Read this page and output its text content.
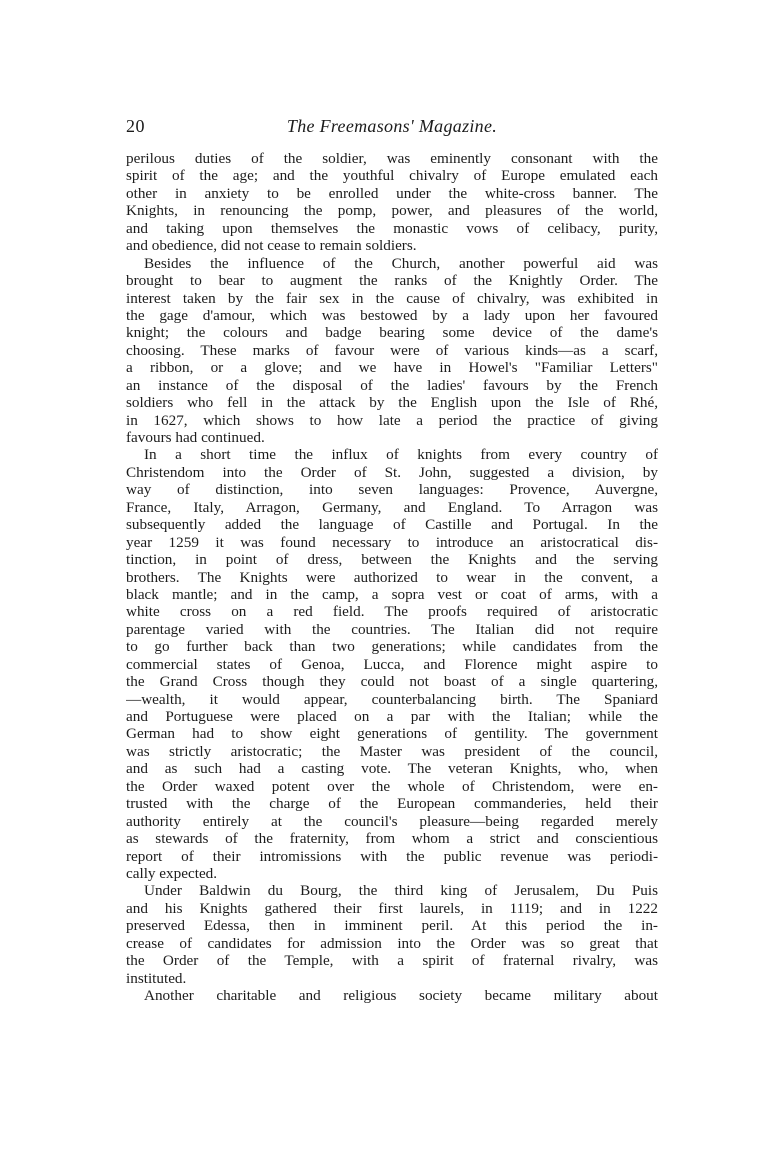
20	The Freemasons' Magazine.
perilous duties of the soldier, was eminently consonant with the
spirit of the age; and the youthful chivalry of Europe emulated each
other in anxiety to be enrolled under the white-cross banner. The
Knights, in renouncing the pomp, power, and pleasures of the world,
and taking upon themselves the monastic vows of celibacy, purity,
and obedience, did not cease to remain soldiers.
Besides the influence of the Church, another powerful aid was
brought to bear to augment the ranks of the Knightly Order. The
interest taken by the fair sex in the cause of chivalry, was exhibited in
the gage d'amour, which was bestowed by a lady upon her favoured
knight; the colours and badge bearing some device of the dame's
choosing. These marks of favour were of various kinds—as a scarf,
a ribbon, or a glove; and we have in Howel's "Familiar Letters"
an instance of the disposal of the ladies' favours by the French
soldiers who fell in the attack by the English upon the Isle of Rhé,
in 1627, which shows to how late a period the practice of giving
favours had continued.
In a short time the influx of knights from every country of
Christendom into the Order of St. John, suggested a division, by
way of distinction, into seven languages: Provence, Auvergne,
France, Italy, Arragon, Germany, and England. To Arragon was
subsequently added the language of Castille and Portugal. In the
year 1259 it was found necessary to introduce an aristocratical dis-
tinction, in point of dress, between the Knights and the serving
brothers. The Knights were authorized to wear in the convent, a
black mantle; and in the camp, a sopra vest or coat of arms, with a
white cross on a red field. The proofs required of aristocratic
parentage varied with the countries. The Italian did not require
to go further back than two generations; while candidates from the
commercial states of Genoa, Lucca, and Florence might aspire to
the Grand Cross though they could not boast of a single quartering,
—wealth, it would appear, counterbalancing birth. The Spaniard
and Portuguese were placed on a par with the Italian; while the
German had to show eight generations of gentility. The government
was strictly aristocratic; the Master was president of the council,
and as such had a casting vote. The veteran Knights, who, when
the Order waxed potent over the whole of Christendom, were en-
trusted with the charge of the European commanderies, held their
authority entirely at the council's pleasure—being regarded merely
as stewards of the fraternity, from whom a strict and conscientious
report of their intromissions with the public revenue was periodi-
cally expected.
Under Baldwin du Bourg, the third king of Jerusalem, Du Puis
and his Knights gathered their first laurels, in 1119; and in 1222
preserved Edessa, then in imminent peril. At this period the in-
crease of candidates for admission into the Order was so great that
the Order of the Temple, with a spirit of fraternal rivalry, was
instituted.
Another charitable and religious society became military about
